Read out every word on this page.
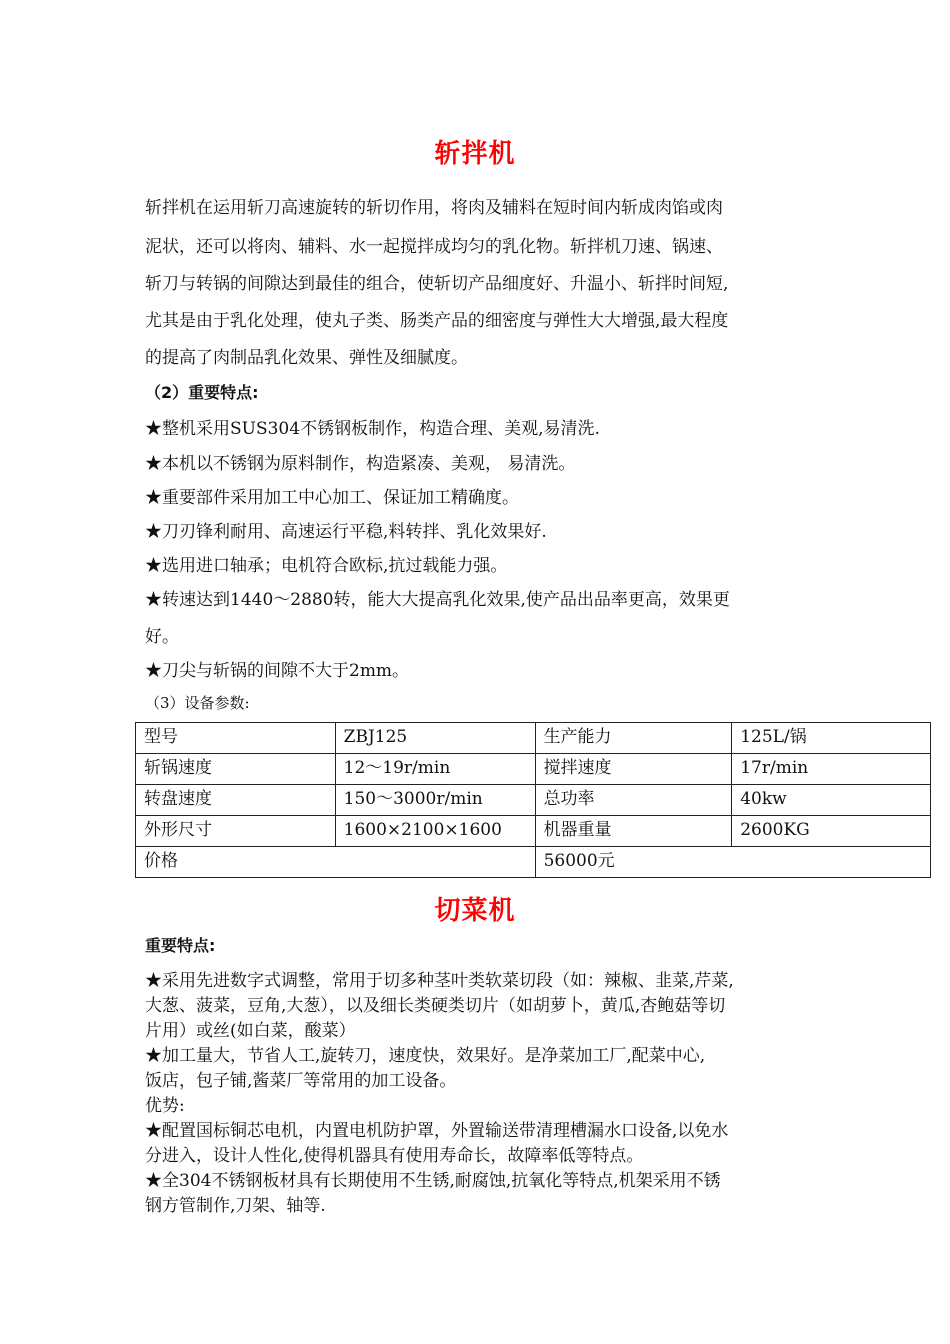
斩拌机
斩拌机在运用斩刀高速旋转的斩切作用，将肉及辅料在短时间内斩成肉馅或肉
泥状，还可以将肉、辅料、水一起搅拌成均匀的乳化物。斩拌机刀速、锅速、
斩刀与转锅的间隙达到最佳的组合，使斩切产品细度好、升温小、斩拌时间短,
尤其是由于乳化处理，使丸子类、肠类产品的细密度与弹性大大增强,最大程度
的提高了肉制品乳化效果、弹性及细腻度。
（2）重要特点:
★整机采用SUS304不锈钢板制作，构造合理、美观,易清洗.
★本机以不锈钢为原料制作，构造紧凑、美观， 易清洗。
★重要部件采用加工中心加工、保证加工精确度。
★刀刃锋利耐用、高速运行平稳,料转拌、乳化效果好.
★选用进口轴承；电机符合欧标,抗过载能力强。
★转速达到1440～2880转，能大大提高乳化效果,使产品出品率更高，效果更
好。
★刀尖与斩锅的间隙不大于2mm。
（3）设备参数:
型号	ZBJ125	生产能力	125L/锅
斩锅速度	12～19r/min	搅拌速度	17r/min
转盘速度	150～3000r/min	总功率	40kw
外形尺寸	1600×2100×1600	机器重量	2600KG
价格		56000元	
切菜机
重要特点:
★采用先进数字式调整，常用于切多种茎叶类软菜切段（如：辣椒、韭菜,芹菜,
大葱、菠菜，豆角,大葱），以及细长类硬类切片（如胡萝卜，黄瓜,杏鲍菇等切
片用）或丝(如白菜，酸菜）
★加工量大，节省人工,旋转刀，速度快，效果好。是净菜加工厂,配菜中心,
饭店，包子铺,酱菜厂等常用的加工设备。
优势:
★配置国标铜芯电机，内置电机防护罩，外置输送带清理槽漏水口设备,以免水
分进入，设计人性化,使得机器具有使用寿命长，故障率低等特点。
★全304不锈钢板材具有长期使用不生锈,耐腐蚀,抗氧化等特点,机架采用不锈
钢方管制作,刀架、轴等.
